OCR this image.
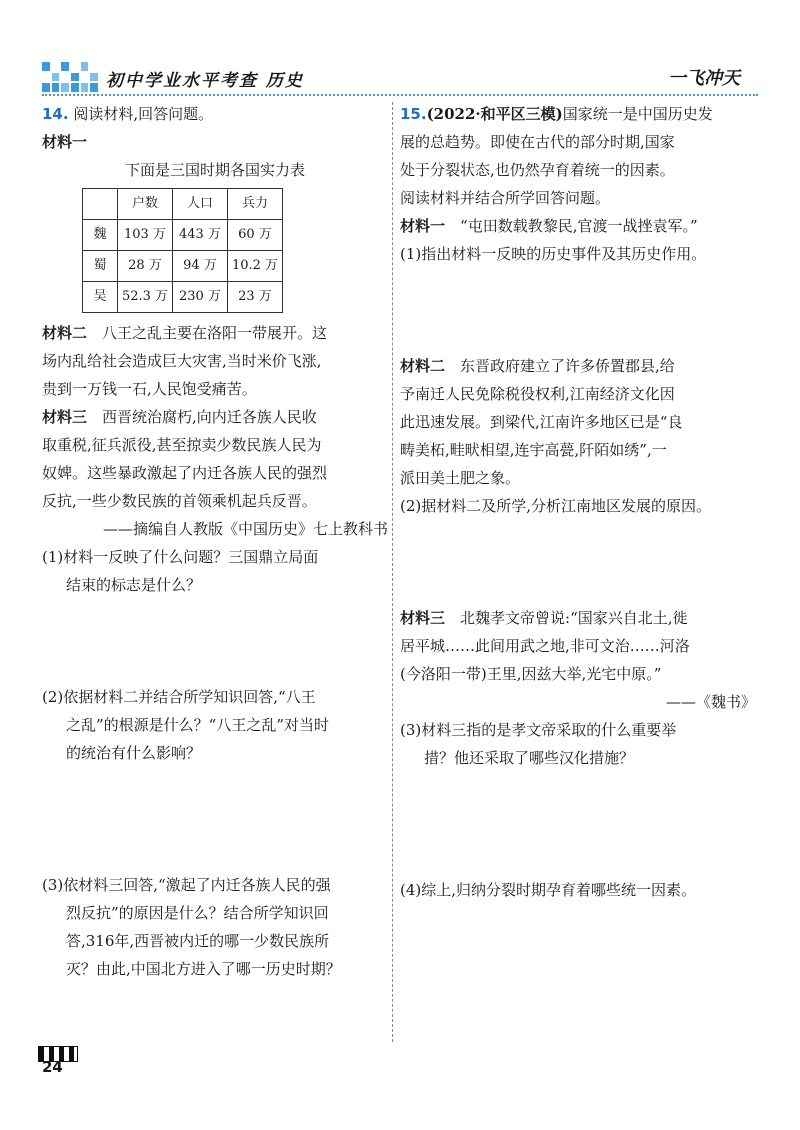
初中学业水平考查 历史	一飞冲天

14. 阅读材料,回答问题。

材料一

下面是三国时期各国实力表

	户数	人口	兵力
魏	103 万	443 万	60 万
蜀	28 万	94 万	10.2 万
吴	52.3 万	230 万	23 万

材料二　八王之乱主要在洛阳一带展开。这

场内乱给社会造成巨大灾害,当时米价飞涨,

贵到一万钱一石,人民饱受痛苦。

材料三　西晋统治腐朽,向内迁各族人民收

取重税,征兵派役,甚至掠卖少数民族人民为

奴婢。这些暴政激起了内迁各族人民的强烈

反抗,一些少数民族的首领乘机起兵反晋。

——摘编自人教版《中国历史》七上教科书

(1)材料一反映了什么问题？三国鼎立局面

结束的标志是什么？

(2)依据材料二并结合所学知识回答,“八王

之乱”的根源是什么？“八王之乱”对当时

的统治有什么影响？

(3)依材料三回答,“激起了内迁各族人民的强

烈反抗”的原因是什么？结合所学知识回

答,316年,西晋被内迁的哪一少数民族所

灭？由此,中国北方进入了哪一历史时期？

15.(2022·和平区三模)国家统一是中国历史发

展的总趋势。即使在古代的部分时期,国家

处于分裂状态,也仍然孕育着统一的因素。

阅读材料并结合所学回答问题。

材料一　 “屯田数载教黎民,官渡一战挫袁军。”

(1)指出材料一反映的历史事件及其历史作用。

材料二　东晋政府建立了许多侨置郡县,给

予南迁人民免除税役权利,江南经济文化因

此迅速发展。到梁代,江南许多地区已是“良

畴美柘,畦畎相望,连宇高甍,阡陌如绣”,一

派田美土肥之象。

(2)据材料二及所学,分析江南地区发展的原因。

材料三　北魏孝文帝曾说:“国家兴自北土,徙

居平城……此间用武之地,非可文治……河洛

(今洛阳一带)王里,因兹大举,光宅中原。”

——《魏书》

(3)材料三指的是孝文帝采取的什么重要举

措？他还采取了哪些汉化措施？

(4)综上,归纳分裂时期孕育着哪些统一因素。

24
